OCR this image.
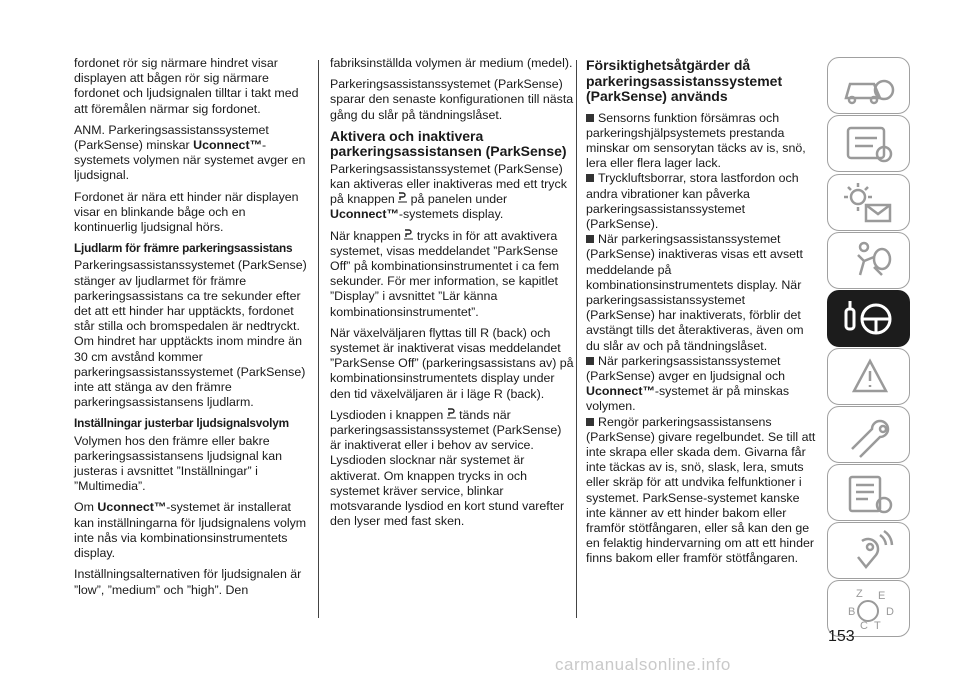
fordonet rör sig närmare hindret visar displayen att bågen rör sig närmare fordonet och ljudsignalen tilltar i takt med att föremålen närmar sig fordonet.

ANM. Parkeringsassistanssystemet (ParkSense) minskar Uconnect™-systemets volymen när systemet avger en ljudsignal.

Fordonet är nära ett hinder när displayen visar en blinkande båge och en kontinuerlig ljudsignal hörs.

Ljudlarm för främre parkeringsassistans

Parkeringsassistanssystemet (ParkSense) stänger av ljudlarmet för främre parkeringsassistans ca tre sekunder efter det att ett hinder har upptäckts, fordonet står stilla och bromspedalen är nedtryckt. Om hindret har upptäckts inom mindre än 30 cm avstånd kommer parkeringsassistanssystemet (ParkSense) inte att stänga av den främre parkeringsassistansens ljudlarm.

Inställningar justerbar ljudsignalsvolym

Volymen hos den främre eller bakre parkeringsassistansens ljudsignal kan justeras i avsnittet ”Inställningar” i ”Multimedia”.

Om Uconnect™-systemet är installerat kan inställningarna för ljudsignalens volym inte nås via kombinationsinstrumentets display.

Inställningsalternativen för ljudsignalen är ”low”, ”medium” och ”high”. Den

fabriksinställda volymen är medium (medel).

Parkeringsassistanssystemet (ParkSense) sparar den senaste konfigurationen till nästa gång du slår på tändningslåset.

Aktivera och inaktivera parkeringsassistansen (ParkSense)

Parkeringsassistanssystemet (ParkSense) kan aktiveras eller inaktiveras med ett tryck på knappen  på panelen under Uconnect™-systemets display.

När knappen  trycks in för att avaktivera systemet, visas meddelandet ”ParkSense Off” på kombinationsinstrumentet i ca fem sekunder. För mer information, se kapitlet ”Display” i avsnittet ”Lär känna kombinationsinstrumentet”.

När växelväljaren flyttas till R (back) och systemet är inaktiverat visas meddelandet ”ParkSense Off” (parkeringsassistans av) på kombinationsinstrumentets display under den tid växelväljaren är i läge R (back).

Lysdioden i knappen  tänds när parkeringsassistanssystemet (ParkSense) är inaktiverat eller i behov av service. Lysdioden slocknar när systemet är aktiverat. Om knappen trycks in och systemet kräver service, blinkar motsvarande lysdiod en kort stund varefter den lyser med fast sken.

Försiktighetsåtgärder då parkeringsassistanssystemet (ParkSense) används
Sensorns funktion försämras och parkeringshjälpsystemets prestanda minskar om sensorytan täcks av is, snö, lera eller flera lager lack.
Tryckluftsborrar, stora lastfordon och andra vibrationer kan påverka parkeringsassistanssystemet (ParkSense).
När parkeringsassistanssystemet (ParkSense) inaktiveras visas ett avsett meddelande på kombinationsinstrumentets display. När parkeringsassistanssystemet (ParkSense) har inaktiverats, förblir det avstängt tills det återaktiveras, även om du slår av och på tändningslåset.
När parkeringsassistanssystemet (ParkSense) avger en ljudsignal och Uconnect™-systemet är på minskas volymen.
Rengör parkeringsassistansens (ParkSense) givare regelbundet. Se till att inte skrapa eller skada dem. Givarna får inte täckas av is, snö, slask, lera, smuts eller skräp för att undvika felfunktioner i systemet. ParkSense-systemet kanske inte känner av ett hinder bakom eller framför stötfångaren, eller så kan den ge en felaktig hindervarning om att ett hinder finns bakom eller framför stötfångaren.
Z E
B	D
C T
153
carmanualsonline.info
